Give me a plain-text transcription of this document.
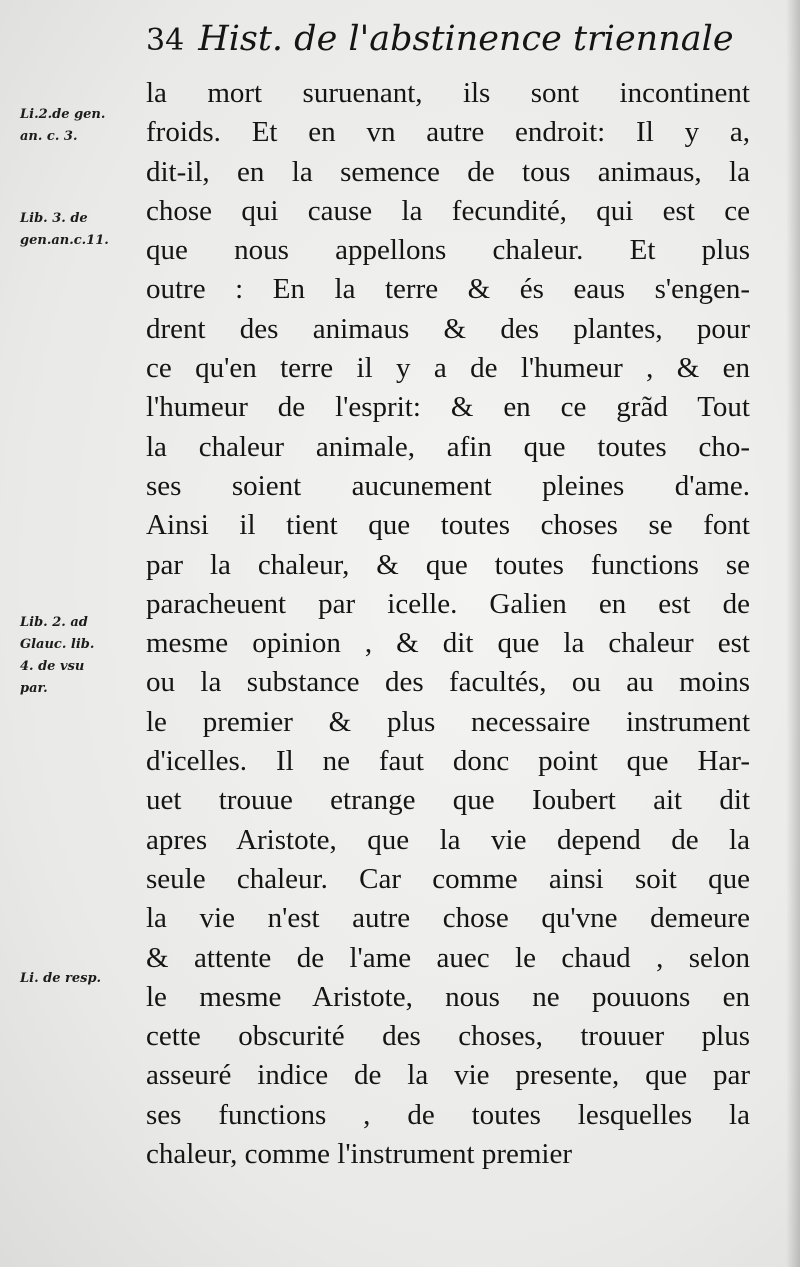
34 Hist. de l'abstinence triennale
Li.2.de gen.
an. c. 3.
Lib. 3. de
gen.an.c.11.
Lib. 2. ad
Glauc. lib.
4. de vsu
par.
Li. de resp.
la mort suruenant, ils sont incontinent
froids. Et en vn autre endroit: Il y a,
dit-il, en la semence de tous animaus, la
chose qui cause la fecundité, qui est ce
que nous appellons chaleur. Et plus
outre : En la terre & és eaus s'engen-
drent des animaus & des plantes, pour
ce qu'en terre il y a de l'humeur , & en
l'humeur de l'esprit: & en ce grãd Tout
la chaleur animale, afin que toutes cho-
ses soient aucunement pleines d'ame.
Ainsi il tient que toutes choses se font
par la chaleur, & que toutes functions se
paracheuent par icelle. Galien en est de
mesme opinion , & dit que la chaleur est
ou la substance des facultés, ou au moins
le premier & plus necessaire instrument
d'icelles. Il ne faut donc point que Har-
uet trouue etrange que Ioubert ait dit
apres Aristote, que la vie depend de la
seule chaleur. Car comme ainsi soit que
la vie n'est autre chose qu'vne demeure
& attente de l'ame auec le chaud , selon
le mesme Aristote, nous ne pouuons en
cette obscurité des choses, trouuer plus
asseuré indice de la vie presente, que par
ses functions , de toutes lesquelles la
chaleur, comme l'instrument premier
